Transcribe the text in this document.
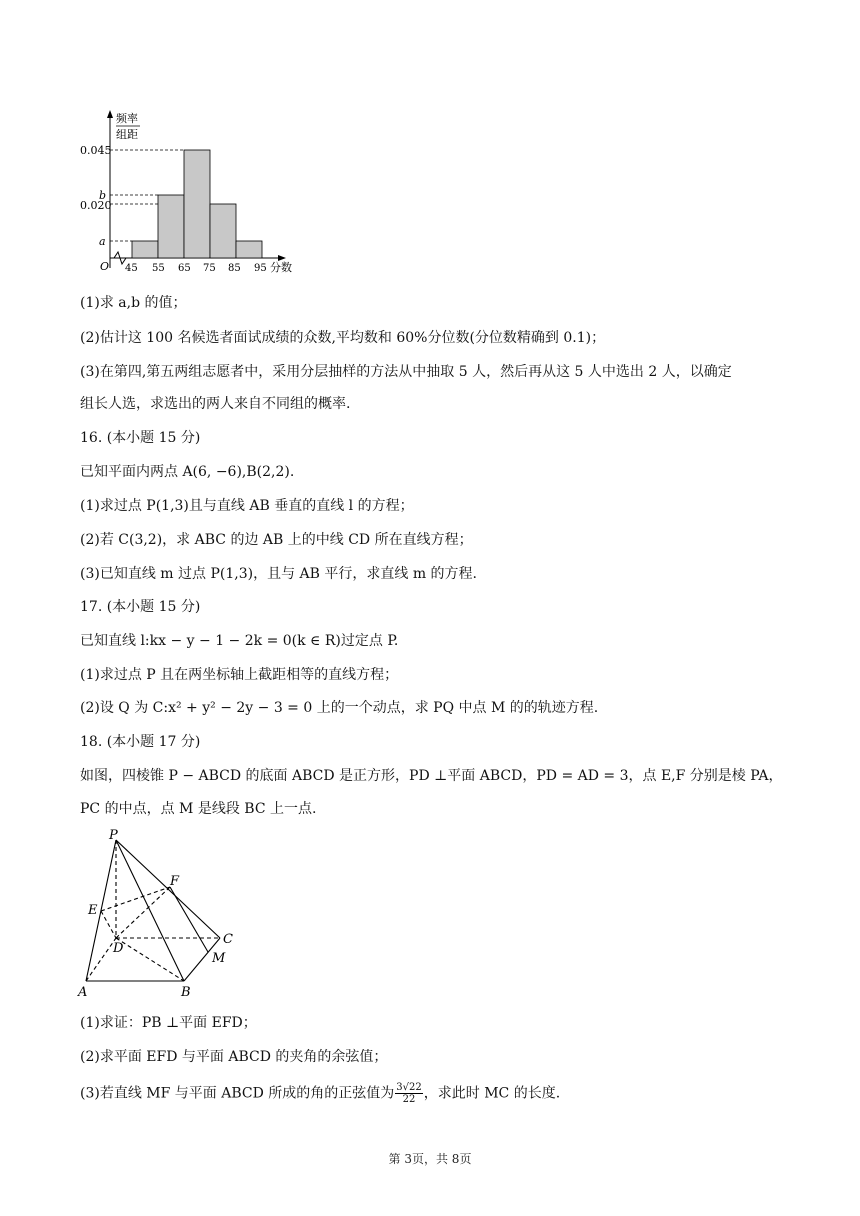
频率
组距
0.045
b
0.020
a
O 45 55 65 75 85 95 分数
(1)求 a,b 的值；
(2)估计这 100 名候选者面试成绩的众数,平均数和 60%分位数(分位数精确到 0.1)；
(3)在第四,第五两组志愿者中，采用分层抽样的方法从中抽取 5 人，然后再从这 5 人中选出 2 人，以确定
组长人选，求选出的两人来自不同组的概率.
16. (本小题 15 分)
已知平面内两点 A(6, −6),B(2,2).
(1)求过点 P(1,3)且与直线 AB 垂直的直线 l 的方程；
(2)若 C(3,2)，求 ABC 的边 AB 上的中线 CD 所在直线方程；
(3)已知直线 m 过点 P(1,3)，且与 AB 平行，求直线 m 的方程.
17. (本小题 15 分)
已知直线 l:kx − y − 1 − 2k = 0(k ∈ R)过定点 P.
(1)求过点 P 且在两坐标轴上截距相等的直线方程；
(2)设 Q 为 C:x² + y² − 2y − 3 = 0 上的一个动点，求 PQ 中点 M 的的轨迹方程.
18. (本小题 17 分)
如图，四棱锥 P − ABCD 的底面 ABCD 是正方形，PD ⊥平面 ABCD，PD = AD = 3，点 E,F 分别是棱 PA，
PC 的中点，点 M 是线段 BC 上一点.
P
F
E
D
C
M
A	B
(1)求证：PB ⊥平面 EFD；
(2)求平面 EFD 与平面 ABCD 的夹角的余弦值；
(3)若直线 MF 与平面 ABCD 所成的角的正弦值为 $\frac{3√22}{22}$ ，求此时 MC 的长度.
第 3页，共 8页
